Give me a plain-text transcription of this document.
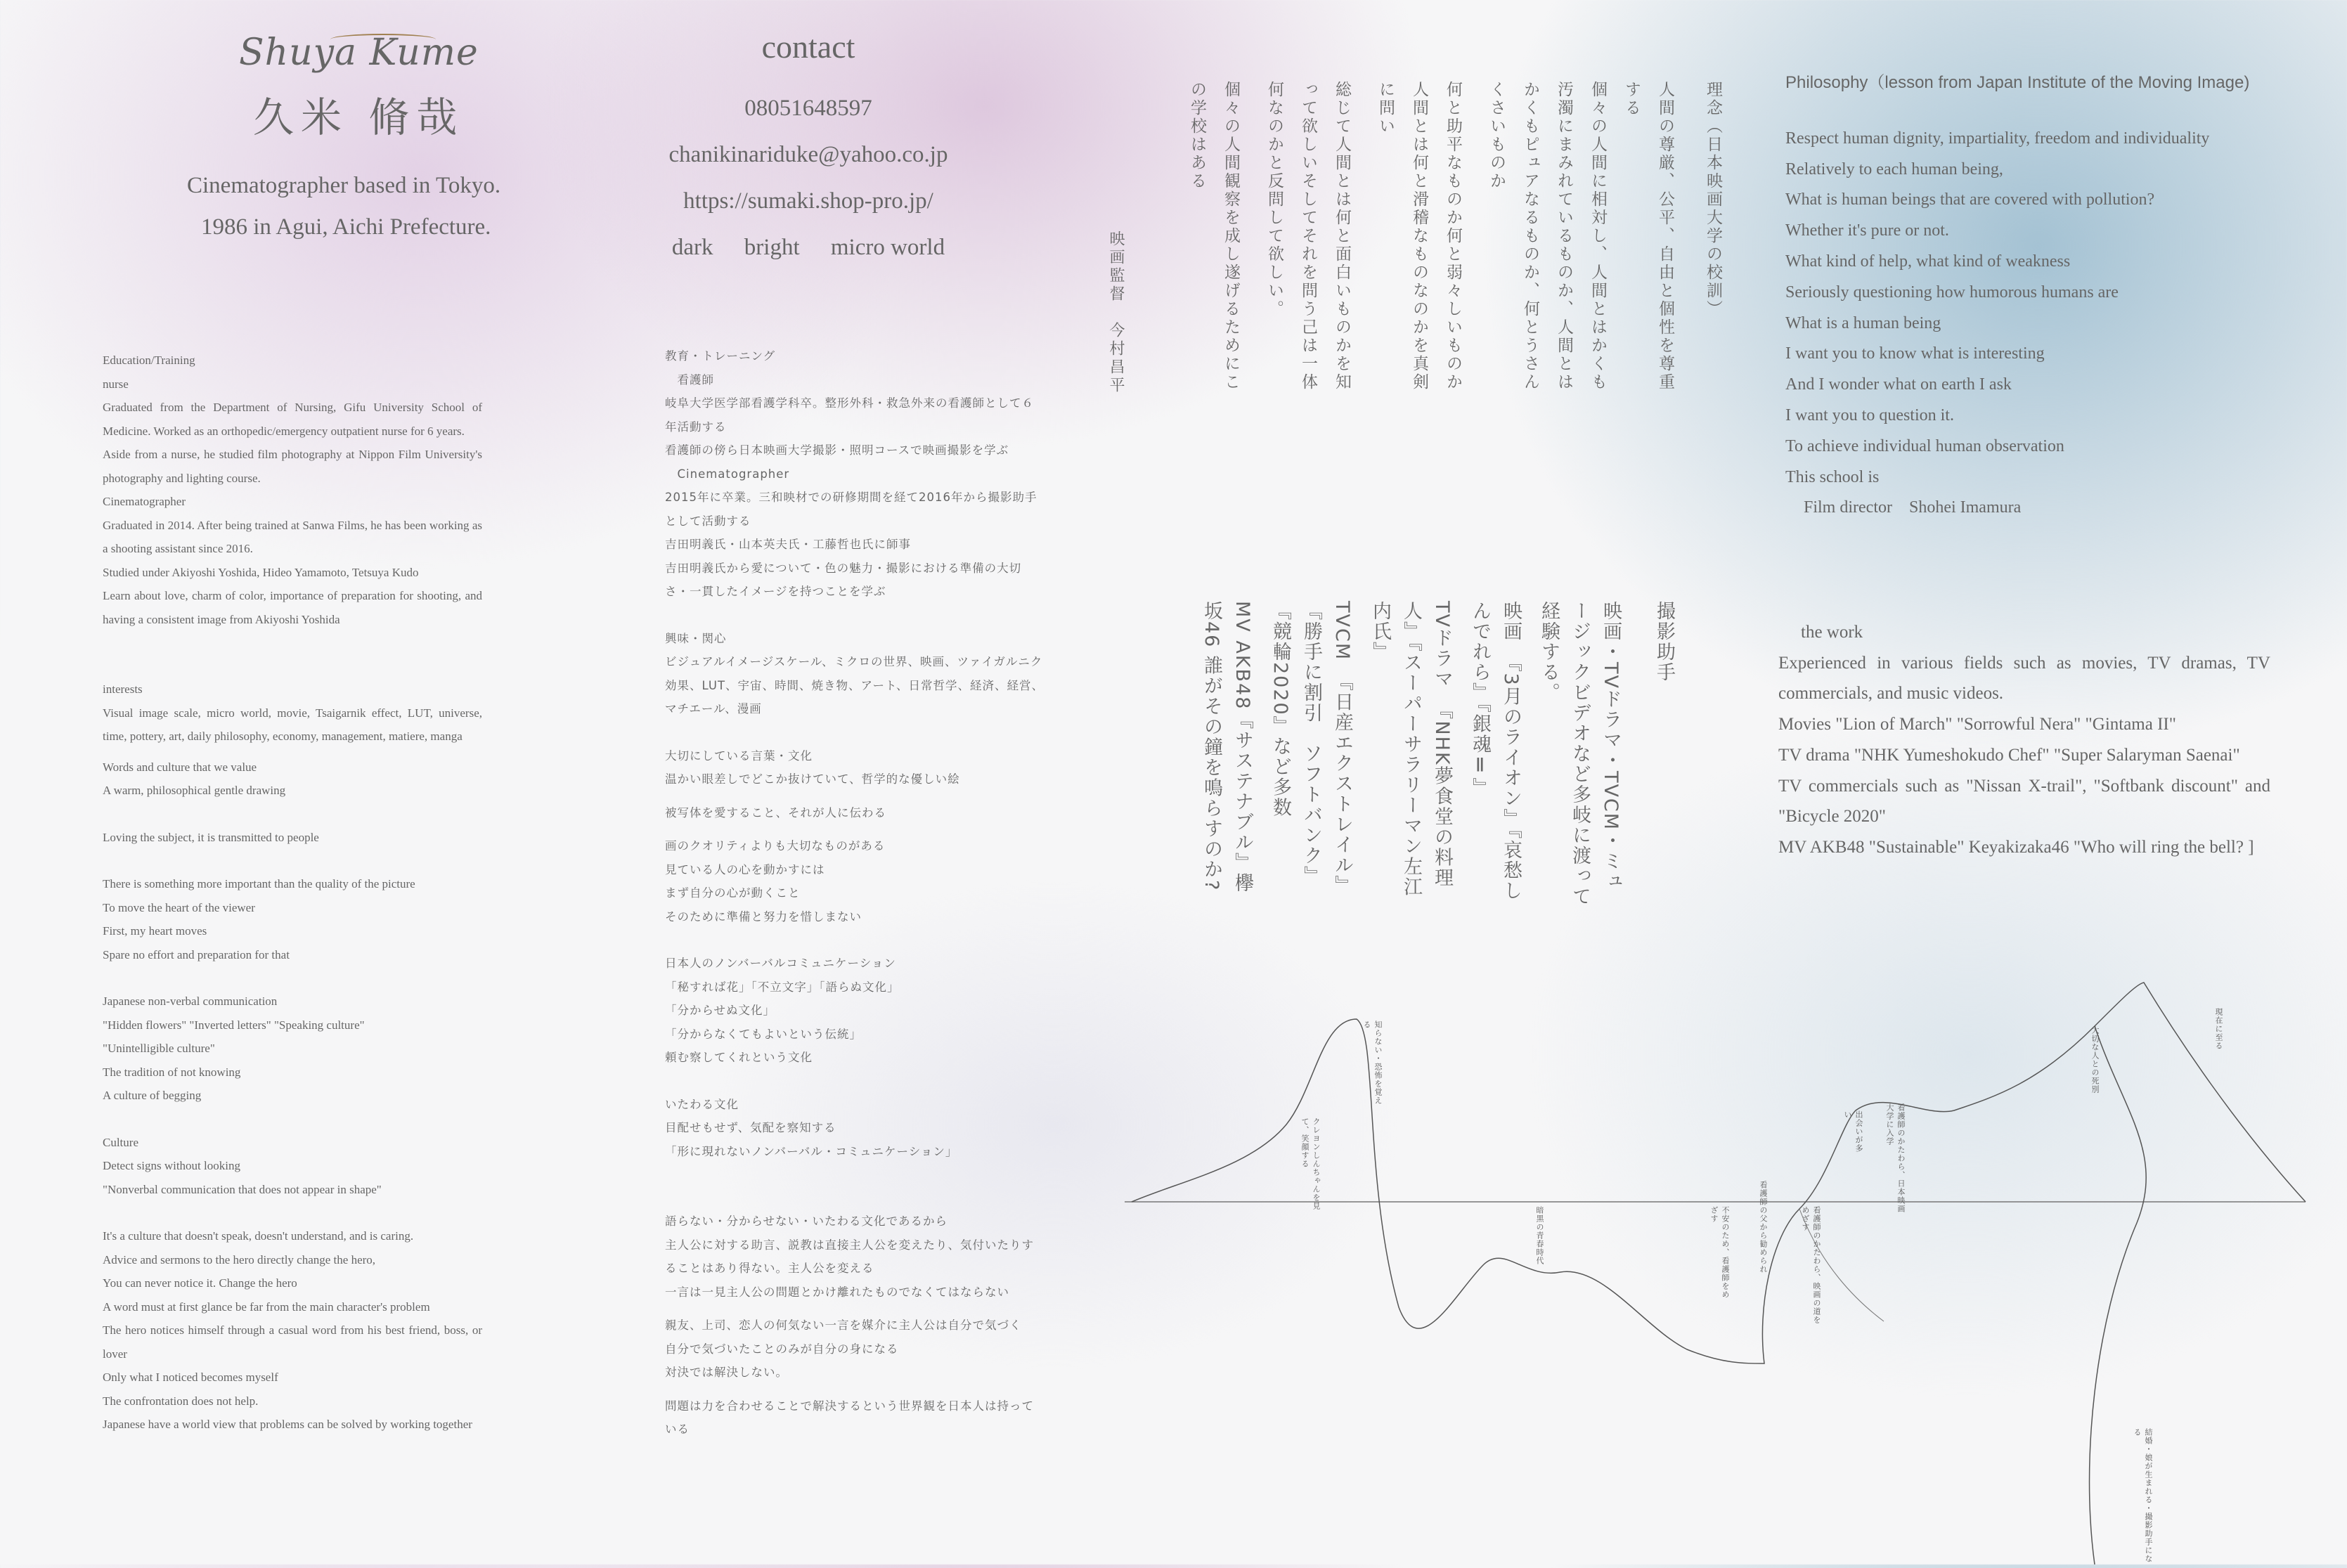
Shuya Kume
久米 脩哉
Cinematographer based in Tokyo.
1986 in Agui, Aichi Prefecture.
contact
08051648597
chanikinariduke@yahoo.co.jp
https://sumaki.shop-pro.jp/
dark bright micro world
Education/Training
nurse
Graduated from the Department of Nursing, Gifu University School of Medicine. Worked as an orthopedic/emergency outpatient nurse for 6 years.
Aside from a nurse, he studied film photography at Nippon Film University's photography and lighting course.
Cinematographer
Graduated in 2014. After being trained at Sanwa Films, he has been working as a shooting assistant since 2016.
Studied under Akiyoshi Yoshida, Hideo Yamamoto, Tetsuya Kudo
Learn about love, charm of color, importance of preparation for shooting, and having a consistent image from Akiyoshi Yoshida
interests
Visual image scale, micro world, movie, Tsaigarnik effect, LUT, universe, time, pottery, art, daily philosophy, economy, management, matiere, manga
Words and culture that we value
A warm, philosophical gentle drawing
Loving the subject, it is transmitted to people
There is something more important than the quality of the picture
To move the heart of the viewer
First, my heart moves
Spare no effort and preparation for that
Japanese non-verbal communication
"Hidden flowers" "Inverted letters" "Speaking culture"
"Unintelligible culture"
The tradition of not knowing
A culture of begging
Culture
Detect signs without looking
"Nonverbal communication that does not appear in shape"
It's a culture that doesn't speak, doesn't understand, and is caring.
Advice and sermons to the hero directly change the hero,
You can never notice it. Change the hero
A word must at first glance be far from the main character's problem
The hero notices himself through a casual word from his best friend, boss, or lover
Only what I noticed becomes myself
The confrontation does not help.
Japanese have a world view that problems can be solved by working together
教育・トレーニング
　看護師
岐阜大学医学部看護学科卒。整形外科・救急外来の看護師として６年活動する
看護師の傍ら日本映画大学撮影・照明コースで映画撮影を学ぶ
　Cinematographer
2015年に卒業。三和映材での研修期間を経て2016年から撮影助手として活動する
吉田明義氏・山本英夫氏・工藤哲也氏に師事
吉田明義氏から愛について・色の魅力・撮影における準備の大切さ・一貫したイメージを持つことを学ぶ
興味・関心
ビジュアルイメージスケール、ミクロの世界、映画、ツァイガルニク効果、LUT、宇宙、時間、焼き物、アート、日常哲学、経済、経営、マチエール、漫画
大切にしている言葉・文化
温かい眼差しでどこか抜けていて、哲学的な優しい絵
被写体を愛すること、それが人に伝わる
画のクオリティよりも大切なものがある
見ている人の心を動かすには
まず自分の心が動くこと
そのために準備と努力を惜しまない
日本人のノンバーバルコミュニケーション
「秘すれば花」「不立文字」「語らぬ文化」
「分からせぬ文化」
「分からなくてもよいという伝統」
頼む察してくれという文化
いたわる文化
目配せもせず、気配を察知する
「形に現れないノンバーバル・コミュニケーション」
語らない・分からせない・いたわる文化であるから
主人公に対する助言、説教は直接主人公を変えたり、気付いたりすることはあり得ない。主人公を変える
一言は一見主人公の問題とかけ離れたものでなくてはならない
親友、上司、恋人の何気ない一言を媒介に主人公は自分で気づく
自分で気づいたことのみが自分の身になる
対決では解決しない。
問題は力を合わせることで解決するという世界観を日本人は持っている
理念（日本映画大学の校訓）
人間の尊厳、公平、自由と個性を尊重する
個々の人間に相対し、人間とはかくも汚濁にまみれているものか、人間とはかくもピュアなるものか、何とうさんくさいものか
何と助平なものか何と弱々しいものか人間とは何と滑稽なものなのかを真剣に問い
総じて人間とは何と面白いものかを知って欲しいそしてそれを問う己は一体何なのかと反問して欲しい。
個々の人間観察を成し遂げるためにこの学校はある
映画監督　今村昌平
撮影助手
映画・TVドラマ・TVCM・ミュージックビデオなど多岐に渡って経験する。
映画　『3月のライオン』『哀愁しんでれら』『銀魂Ⅱ』
TVドラマ　『NHK夢食堂の料理人』『スーパーサラリーマン左江内氏』
TVCM　『日産エクストレイル』『勝手に割引　ソフトバンク』『競輪2020』など多数
MV AKB48『サステナブル』欅坂46 誰がその鐘を鳴らすのか?
Philosophy（lesson from Japan Institute of the Moving Image)
Respect human dignity, impartiality, freedom and individuality
Relatively to each human being,
What is human beings that are covered with pollution?
Whether it's pure or not.
What kind of help, what kind of weakness
Seriously questioning how humorous humans are
What is a human being
I want you to know what is interesting
And I wonder what on earth I ask
I want you to question it.
To achieve individual human observation
This school is
Film director　Shohei Imamura
the work
Experienced in various fields such as movies, TV dramas, TV commercials, and music videos.
Movies "Lion of March" "Sorrowful Nera" "Gintama II"
TV drama "NHK Yumeshokudo Chef" "Super Salaryman Saenai"
TV commercials such as "Nissan X-trail", "Softbank discount" and "Bicycle 2020"
MV AKB48 "Sustainable" Keyakizaka46 "Who will ring the bell? ]
クレヨンしんちゃんを見て、笑顔する
知らない・恐怖を覚える
暗黒の青春時代	看護師の父から勧められ
不安のため、看護師をめざす	看護師のかたわら、映画の道をめざす
看護師のかたわら、日本映画大学に入学
出会いが多い
大切な人との死別	現在に至る
結婚・娘が生まれる・撮影助手になる
